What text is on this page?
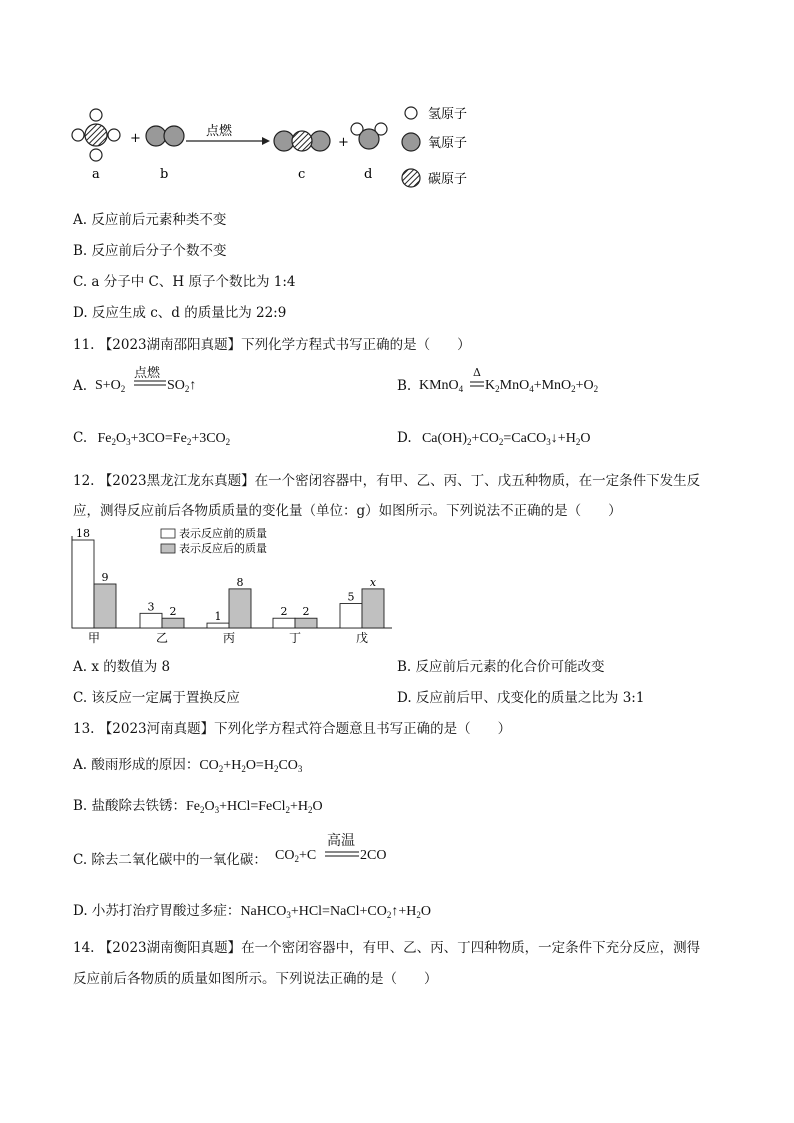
+	点燃
+
a	b	c	d
氢原子
氧原子
碳原子
A. 反应前后元素种类不变
B. 反应前后分子个数不变
C. a 分子中 C、H 原子个数比为 1:4
D. 反应生成 c、d 的质量比为 22:9
11. 【2023湖南邵阳真题】下列化学方程式书写正确的是（　　）
A. $S+O_2$
点燃
$SO_2↑$	B. KMnO$_4$
Δ
$K_2MnO_4+MnO_2+O_2$
C. $Fe_2O_3+3CO=Fe_2+3CO_2$	D. $Ca(OH)_2+CO_2=CaCO_3↓+H_2O$
12. 【2023黑龙江龙东真题】在一个密闭容器中，有甲、乙、丙、丁、戊五种物质，在一定条件下发生反
应，测得反应前后各物质质量的变化量（单位：g）如图所示。下列说法不正确的是（　　）
18
9
甲
3 2
乙
1
8
丙
2 2
丁
5
x
戊
表示反应前的质量
表示反应后的质量
A. x 的数值为 8	B. 反应前后元素的化合价可能改变
C. 该反应一定属于置换反应	D. 反应前后甲、戊变化的质量之比为 3:1
13. 【2023河南真题】下列化学方程式符合题意且书写正确的是（　　）
A. 酸雨形成的原因：$CO_2+H_2O=H_2CO_3$
B. 盐酸除去铁锈：$Fe_2O_3+HCl=FeCl_2+H_2O$
C. 除去二氧化碳中的一氧化碳： $CO_2+C$
高温
2CO
D. 小苏打治疗胃酸过多症：$NaHCO_3+HCl=NaCl+CO_2↑+H_2O$
14. 【2023湖南衡阳真题】在一个密闭容器中，有甲、乙、丙、丁四种物质，一定条件下充分反应，测得
反应前后各物质的质量如图所示。下列说法正确的是（　　）
